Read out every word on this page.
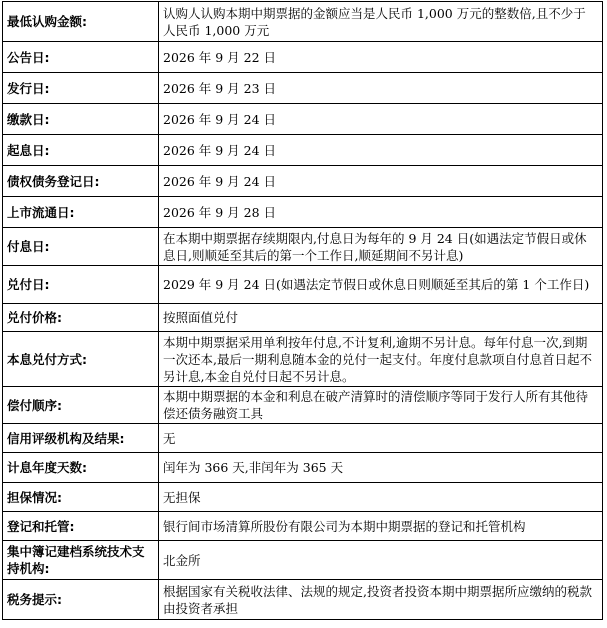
最低认购金额:	认购人认购本期中期票据的金额应当是人民币 1,000 万元的整数倍,且不少于人民币 1,000 万元
公告日:	2026 年 9 月 22 日
发行日:	2026 年 9 月 23 日
缴款日:	2026 年 9 月 24 日
起息日:	2026 年 9 月 24 日
债权债务登记日:	2026 年 9 月 24 日
上市流通日:	2026 年 9 月 28 日
付息日:	在本期中期票据存续期限内,付息日为每年的 9 月 24 日(如遇法定节假日或休息日,则顺延至其后的第一个工作日,顺延期间不另计息)
兑付日:	2029 年 9 月 24 日(如遇法定节假日或休息日则顺延至其后的第 1 个工作日)
兑付价格:	按照面值兑付
本息兑付方式:	本期中期票据采用单利按年付息,不计复利,逾期不另计息。每年付息一次,到期一次还本,最后一期利息随本金的兑付一起支付。年度付息款项自付息首日起不另计息,本金自兑付日起不另计息。
偿付顺序:	本期中期票据的本金和利息在破产清算时的清偿顺序等同于发行人所有其他待偿还债务融资工具
信用评级机构及结果:	无
计息年度天数:	闰年为 366 天,非闰年为 365 天
担保情况:	无担保
登记和托管:	银行间市场清算所股份有限公司为本期中期票据的登记和托管机构
集中簿记建档系统技术支持机构:	北金所
税务提示:	根据国家有关税收法律、法规的规定,投资者投资本期中期票据所应缴纳的税款由投资者承担
